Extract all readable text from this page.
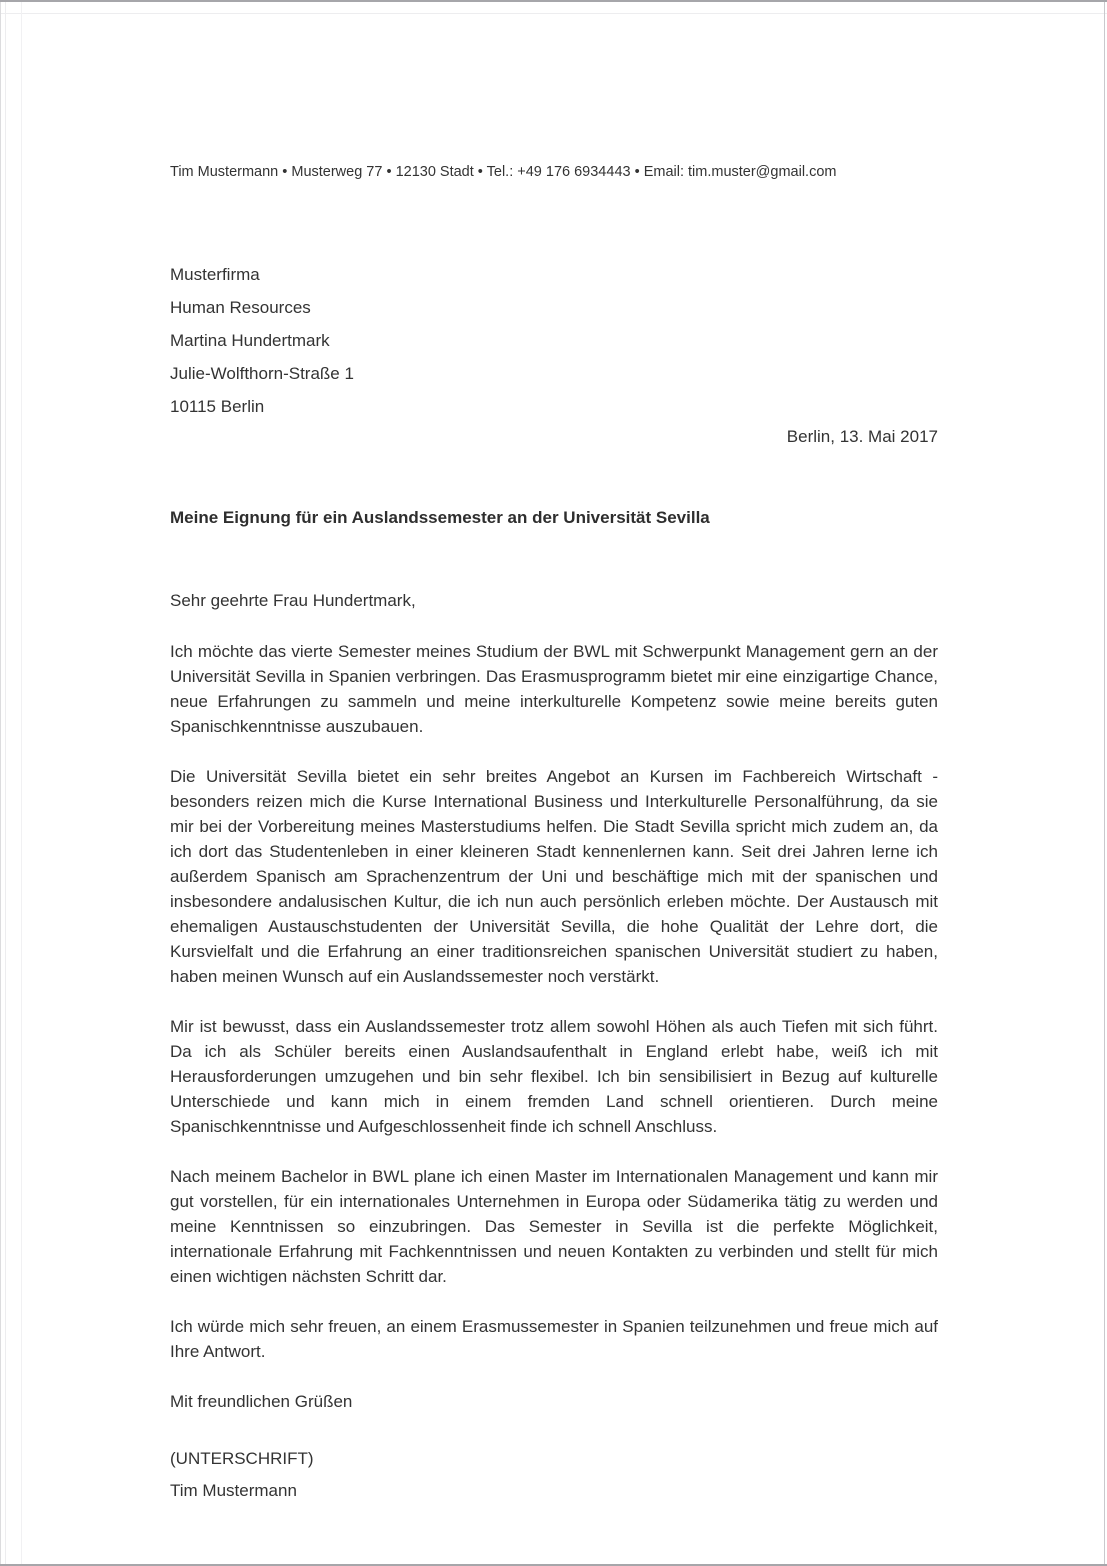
Tim Mustermann • Musterweg 77 • 12130 Stadt • Tel.: +49 176 6934443 • Email: tim.muster@gmail.com
Musterfirma
Human Resources
Martina Hundertmark
Julie-Wolfthorn-Straße 1
10115 Berlin
Berlin, 13. Mai 2017
Meine Eignung für ein Auslandssemester an der Universität Sevilla

Sehr geehrte Frau Hundertmark,

Ich möchte das vierte Semester meines Studium der BWL mit Schwerpunkt Management gern an der Universität Sevilla in Spanien verbringen. Das Erasmusprogramm bietet mir eine einzigartige Chance, neue Erfahrungen zu sammeln und meine interkulturelle Kompetenz sowie meine bereits guten Spanischkenntnisse auszubauen.

Die Universität Sevilla bietet ein sehr breites Angebot an Kursen im Fachbereich Wirtschaft - besonders reizen mich die Kurse International Business und Interkulturelle Personalführung, da sie mir bei der Vorbereitung meines Masterstudiums helfen. Die Stadt Sevilla spricht mich zudem an, da ich dort das Studentenleben in einer kleineren Stadt kennenlernen kann. Seit drei Jahren lerne ich außerdem Spanisch am Sprachenzentrum der Uni und beschäftige mich mit der spanischen und insbesondere andalusischen Kultur, die ich nun auch persönlich erleben möchte. Der Austausch mit ehemaligen Austauschstudenten der Universität Sevilla, die hohe Qualität der Lehre dort, die Kursvielfalt und die Erfahrung an einer traditionsreichen spanischen Universität studiert zu haben, haben meinen Wunsch auf ein Auslandssemester noch verstärkt.

Mir ist bewusst, dass ein Auslandssemester trotz allem sowohl Höhen als auch Tiefen mit sich führt. Da ich als Schüler bereits einen Auslandsaufenthalt in England erlebt habe, weiß ich mit Herausforderungen umzugehen und bin sehr flexibel. Ich bin sensibilisiert in Bezug auf kulturelle Unterschiede und kann mich in einem fremden Land schnell orientieren. Durch meine Spanischkenntnisse und Aufgeschlossenheit finde ich schnell Anschluss.

Nach meinem Bachelor in BWL plane ich einen Master im Internationalen Management und kann mir gut vorstellen, für ein internationales Unternehmen in Europa oder Südamerika tätig zu werden und meine Kenntnissen so einzubringen. Das Semester in Sevilla ist die perfekte Möglichkeit, internationale Erfahrung mit Fachkenntnissen und neuen Kontakten zu verbinden und stellt für mich einen wichtigen nächsten Schritt dar.

Ich würde mich sehr freuen, an einem Erasmussemester in Spanien teilzunehmen und freue mich auf Ihre Antwort.

Mit freundlichen Grüßen

(UNTERSCHRIFT)
Tim Mustermann
